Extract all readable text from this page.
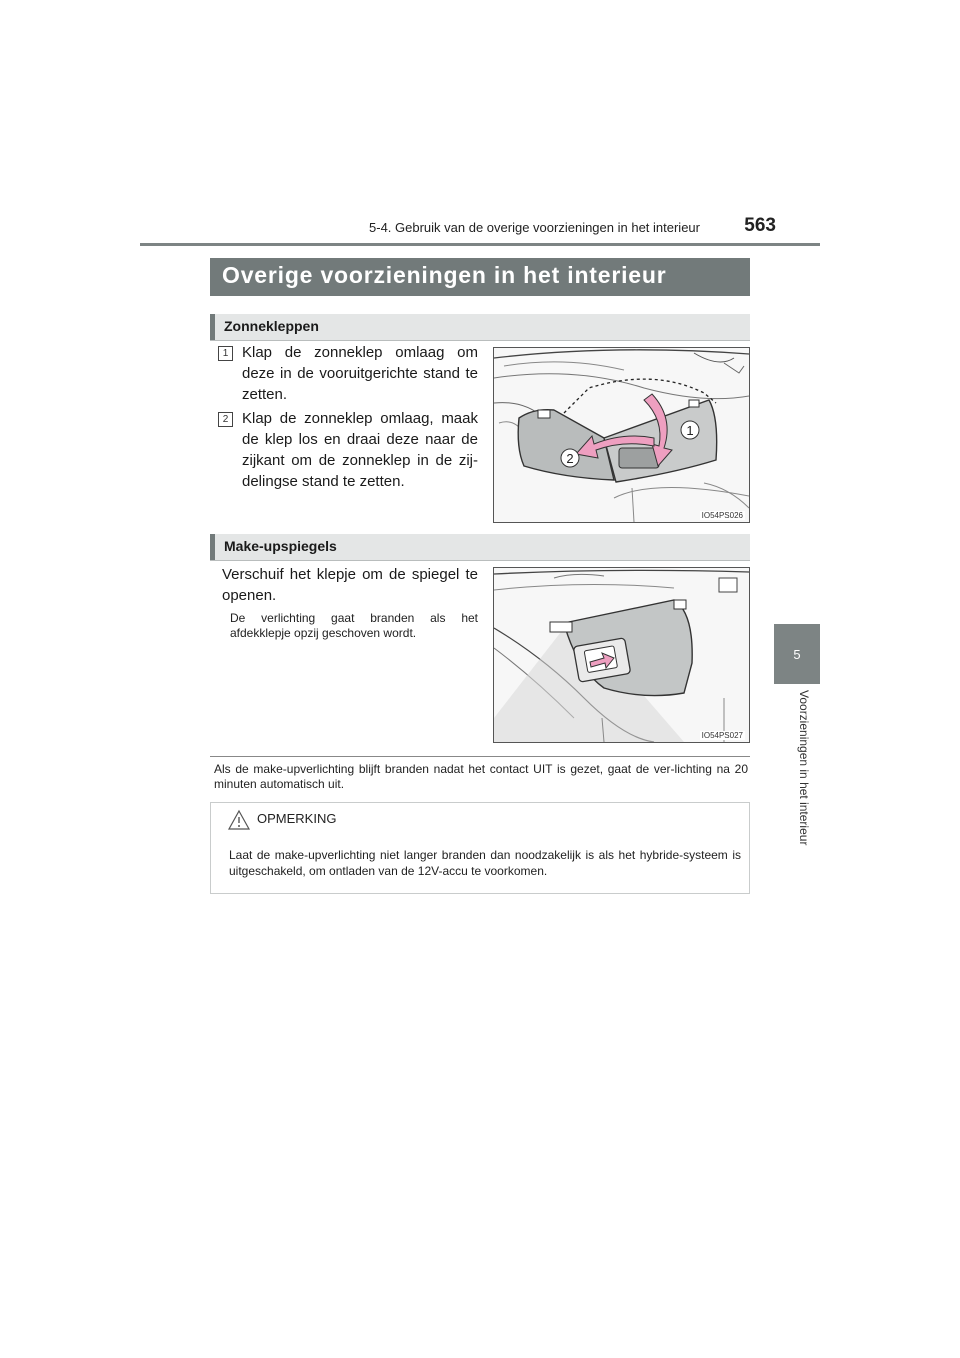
5-4. Gebruik van de overige voorzieningen in het interieur	563
5
Voorzieningen in het interieur
Overige voorzieningen in het interieur
Zonnekleppen
1 Klap de zonneklep omlaag om deze in de vooruitgerichte stand te zetten.
2 Klap de zonneklep omlaag, maak de klep los en draai deze naar de zijkant om de zonneklep in de zij-delingse stand te zetten.
1
2
IO54PS026
Make-upspiegels
Verschuif het klepje om de spiegel te openen.
De verlichting gaat branden als het afdekklepje opzij geschoven wordt.
IO54PS027
Als de make-upverlichting blijft branden nadat het contact UIT is gezet, gaat de ver-lichting na 20 minuten automatisch uit.
OPMERKING
Laat de make-upverlichting niet langer branden dan noodzakelijk is als het hybride-systeem is uitgeschakeld, om ontladen van de 12V-accu te voorkomen.
